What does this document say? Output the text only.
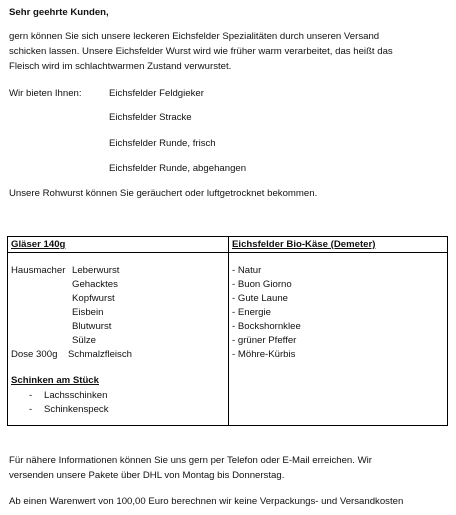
Sehr geehrte Kunden,
gern können Sie sich unsere leckeren Eichsfelder Spezialitäten durch unseren Versand
schicken lassen. Unsere Eichsfelder Wurst wird wie früher warm verarbeitet, das heißt das
Fleisch wird im schlachtwarmen Zustand verwurstet.
Wir bieten Ihnen:	Eichsfelder Feldgieker
Eichsfelder Stracke
Eichsfelder Runde, frisch
Eichsfelder Runde, abgehangen
Unsere Rohwurst können Sie geräuchert oder luftgetrocknet bekommen.
Gläser 140g
Hausmacher Leberwurst
Gehacktes
Kopfwurst
Eisbein
Blutwurst
Sülze
Dose 300g Schmalzfleisch
Schinken am Stück
- Lachsschinken
- Schinkenspeck
Eichsfelder Bio-Käse (Demeter)
- Natur
- Buon Giorno
- Gute Laune
- Energie
- Bockshornklee
- grüner Pfeffer
- Möhre-Kürbis
Für nähere Informationen können Sie uns gern per Telefon oder E-Mail erreichen. Wir
versenden unsere Pakete über DHL von Montag bis Donnerstag.
Ab einen Warenwert von 100,00 Euro berechnen wir keine Verpackungs- und Versandkosten
